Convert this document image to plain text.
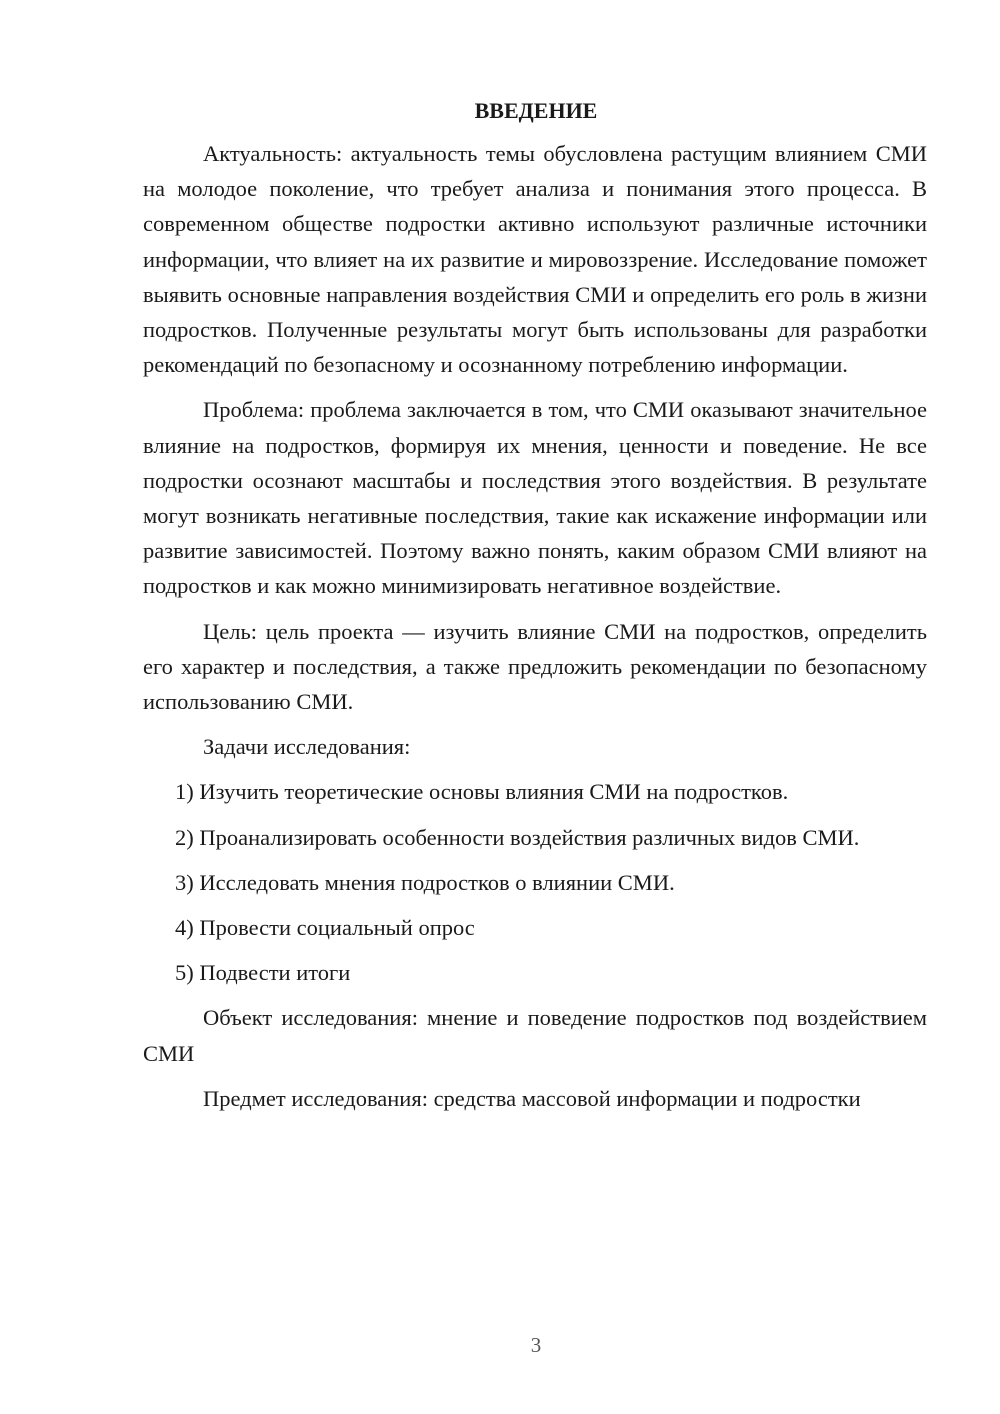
ВВЕДЕНИЕ

Актуальность: актуальность темы обусловлена растущим влиянием СМИ на молодое поколение, что требует анализа и понимания этого процесса. В современном обществе подростки активно используют различные источники информации, что влияет на их развитие и мировоззрение. Исследование поможет выявить основные направления воздействия СМИ и определить его роль в жизни подростков. Полученные результаты могут быть использованы для разработки рекомендаций по безопасному и осознанному потреблению информации.

Проблема: проблема заключается в том, что СМИ оказывают значительное влияние на подростков, формируя их мнения, ценности и поведение. Не все подростки осознают масштабы и последствия этого воздействия. В результате могут возникать негативные последствия, такие как искажение информации или развитие зависимостей. Поэтому важно понять, каким образом СМИ влияют на подростков и как можно минимизировать негативное воздействие.

Цель: цель проекта — изучить влияние СМИ на подростков, определить его характер и последствия, а также предложить рекомендации по безопасному использованию СМИ.

Задачи исследования:

1) Изучить теоретические основы влияния СМИ на подростков.

2) Проанализировать особенности воздействия различных видов СМИ.

3) Исследовать мнения подростков о влиянии СМИ.

4) Провести социальный опрос

5) Подвести итоги

Объект исследования: мнение и поведение подростков под воздействием СМИ

Предмет исследования: средства массовой информации и подростки

3
